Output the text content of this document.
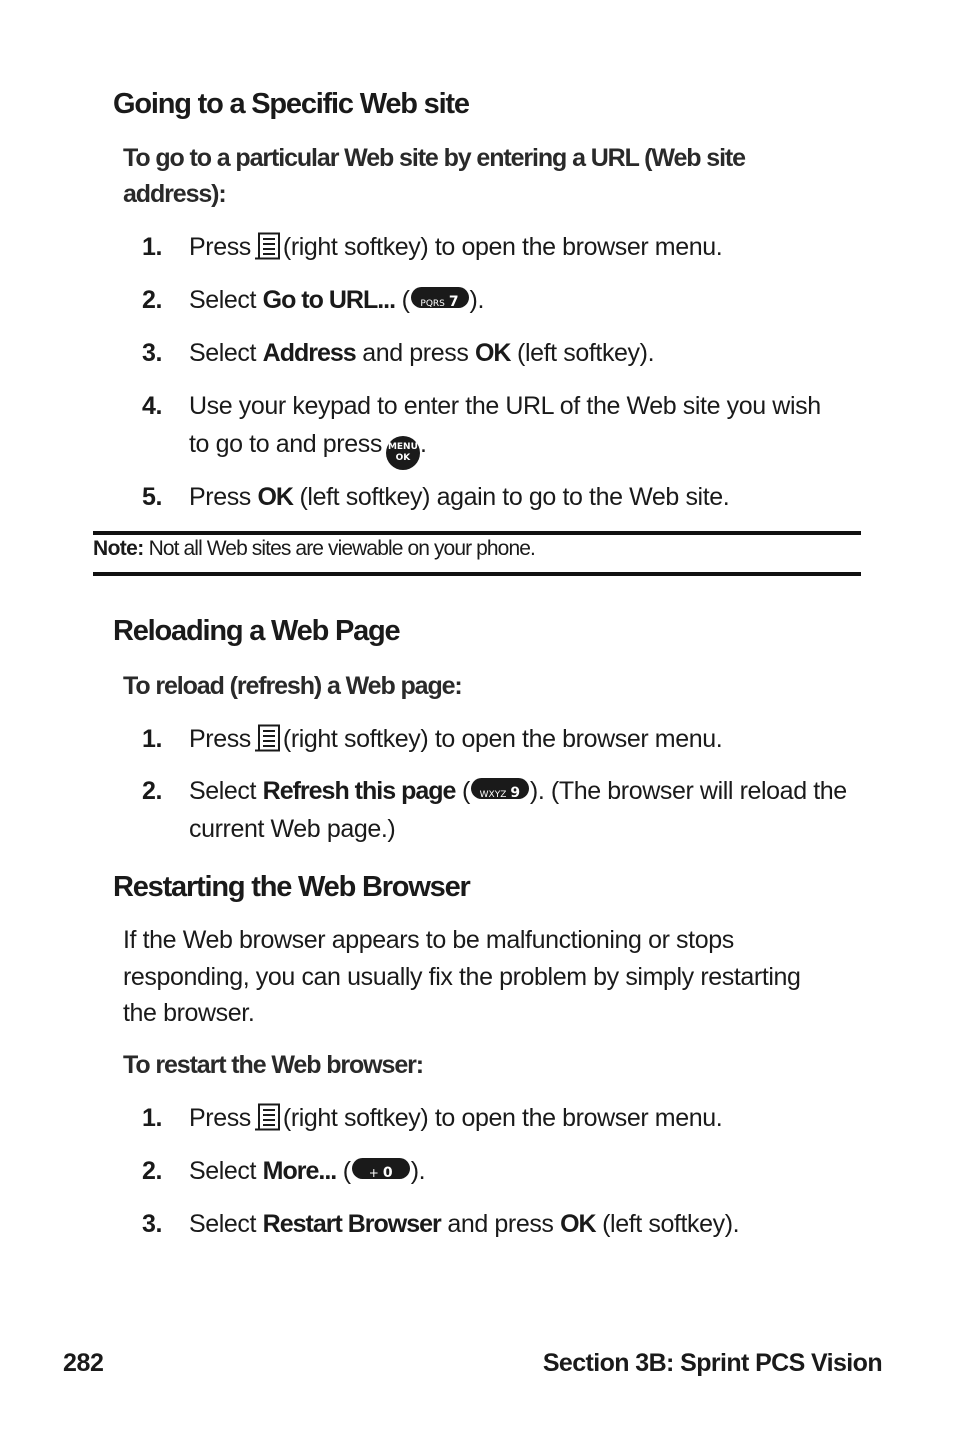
Going to a Specific Web site

To go to a particular Web site by entering a URL (Web site address):

1. Press (right softkey) to open the browser menu.
2. Select Go to URL... ( PQRS 7 ).
3. Select Address and press OK (left softkey).
4. Use your keypad to enter the URL of the Web site you wish to go to and press MENU
OK .
5. Press OK (left softkey) again to go to the Web site.
Note: Not all Web sites are viewable on your phone.
Reloading a Web Page

To reload (refresh) a Web page:

1. Press (right softkey) to open the browser menu.
2. Select Refresh this page ( WXYZ 9 ). (The browser will reload the current Web page.)
Restarting the Web Browser

If the Web browser appears to be malfunctioning or stops responding, you can usually fix the problem by simply restarting the browser.

To restart the Web browser:

1. Press (right softkey) to open the browser menu.
2. Select More... ( + 0 ).
3. Select Restart Browser and press OK (left softkey).
282	Section 3B: Sprint PCS Vision
